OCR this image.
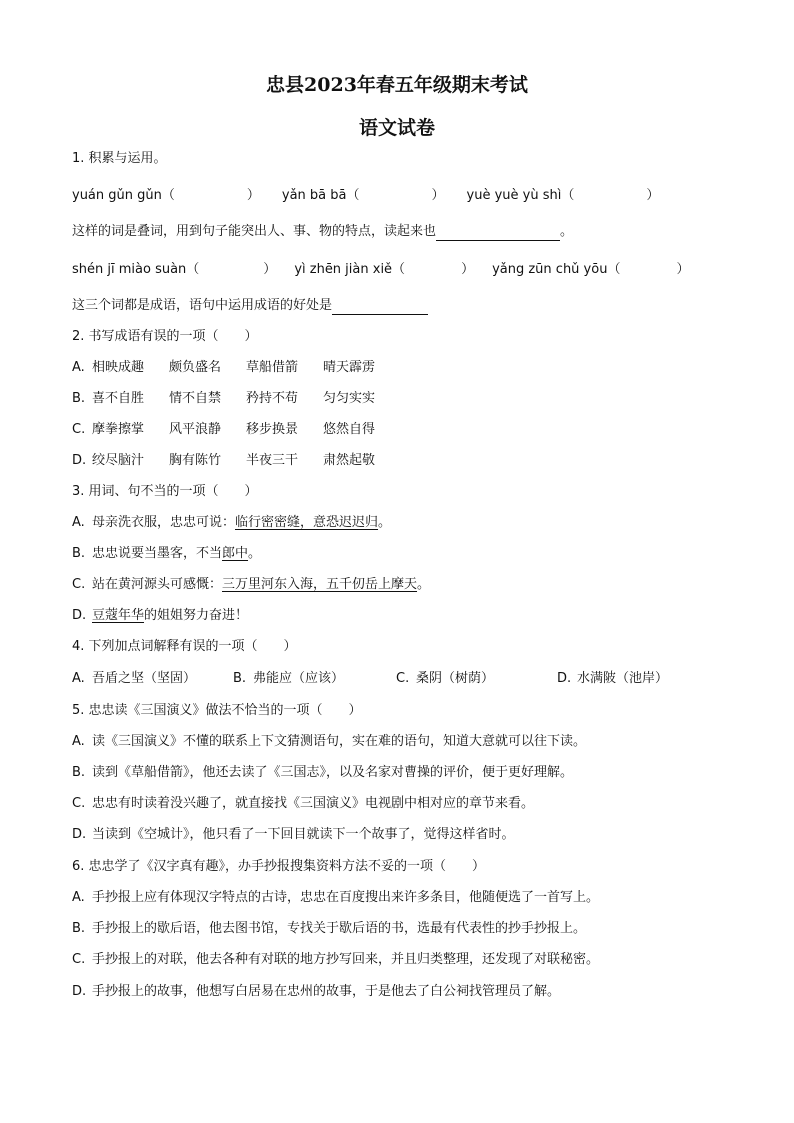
忠县2023年春五年级期末考试
语文试卷
1. 积累与运用。
yuán gǔn gǔn（	） yǎn bā bā（	） yuè yuè yù shì（	）
这样的词是叠词，用到句子能突出人、事、物的特点，读起来也	。
shén jī miào suàn（	） yì zhēn jiàn xiě（	） yǎng zūn chǔ yōu（	）
这三个词都是成语，语句中运用成语的好处是
2. 书写成语有误的一项（　　）
A. 相映成趣 颇负盛名 草船借箭 晴天霹雳
B. 喜不自胜 情不自禁 矜持不苟 匀匀实实
C. 摩拳擦掌 风平浪静 移步换景 悠然自得
D. 绞尽脑汁 胸有陈竹 半夜三干 肃然起敬
3. 用词、句不当的一项（　　）
A. 母亲洗衣服，忠忠可说：临行密密缝，意恐迟迟归。
B. 忠忠说要当墨客，不当郎中。
C. 站在黄河源头可感慨：三万里河东入海，五千仞岳上摩天。
D. 豆蔻年华的姐姐努力奋进！
4. 下列加点词解释有误的一项（　　）
A. 吾盾之坚（坚固）	B. 弗能应（应该）	C. 桑阴（树荫）	D. 水满陂（池岸）
5. 忠忠读《三国演义》做法不恰当的一项（　　）
A. 读《三国演义》不懂的联系上下文猜测语句，实在难的语句，知道大意就可以往下读。
B. 读到《草船借箭》，他还去读了《三国志》，以及名家对曹操的评价，便于更好理解。
C. 忠忠有时读着没兴趣了，就直接找《三国演义》电视剧中相对应的章节来看。
D. 当读到《空城计》，他只看了一下回目就读下一个故事了，觉得这样省时。
6. 忠忠学了《汉字真有趣》，办手抄报搜集资料方法不妥的一项（　　）
A. 手抄报上应有体现汉字特点的古诗，忠忠在百度搜出来许多条目，他随便选了一首写上。
B. 手抄报上的歇后语，他去图书馆，专找关于歇后语的书，选最有代表性的抄手抄报上。
C. 手抄报上的对联，他去各种有对联的地方抄写回来，并且归类整理，还发现了对联秘密。
D. 手抄报上的故事，他想写白居易在忠州的故事，于是他去了白公祠找管理员了解。
